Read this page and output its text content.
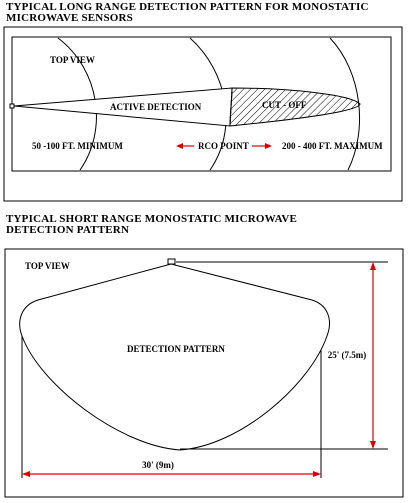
TYPICAL LONG RANGE DETECTION PATTERN FOR MONOSTATIC
MICROWAVE SENSORS
TYPICAL SHORT RANGE MONOSTATIC MICROWAVE
DETECTION PATTERN
TOP VIEW
ACTIVE DETECTION	CUT - OFF
50 -100 FT. MINIMUM	RCO POINT	200 - 400 FT. MAXIMUM
TOP VIEW
DETECTION PATTERN
25' (7.5m)
30' (9m)
